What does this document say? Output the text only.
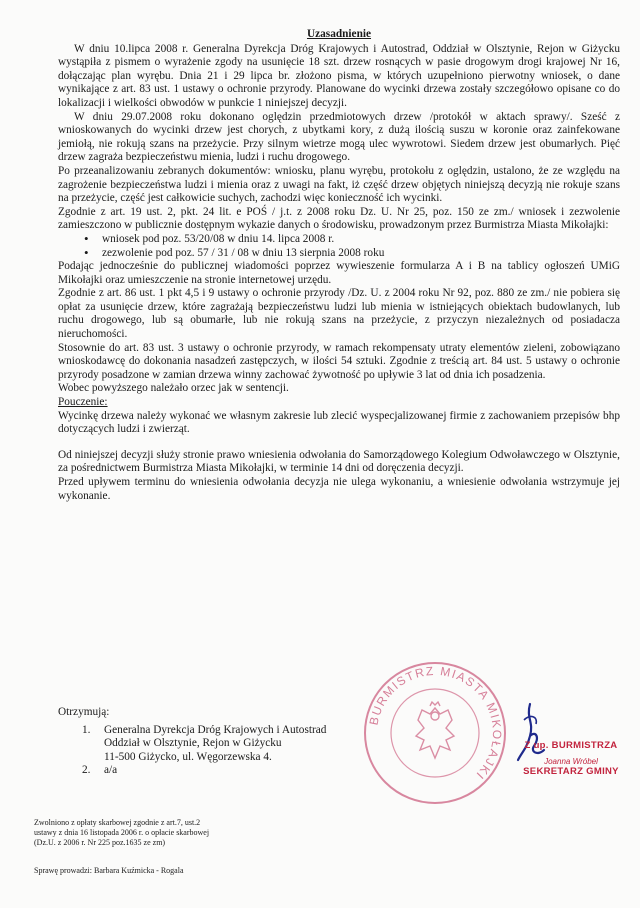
Uzasadnienie

W dniu 10.lipca 2008 r. Generalna Dyrekcja Dróg Krajowych i Autostrad, Oddział w Olsztynie, Rejon w Giżycku wystąpiła z pismem o wyrażenie zgody na usunięcie 18 szt. drzew rosnących w pasie drogowym drogi krajowej Nr 16, dołączając plan wyrębu. Dnia 21 i 29 lipca br. złożono pisma, w których uzupełniono pierwotny wniosek, o dane wynikające z art. 83 ust. 1 ustawy o ochronie przyrody. Planowane do wycinki drzewa zostały szczegółowo opisane co do lokalizacji i wielkości obwodów w punkcie 1 niniejszej decyzji.

W dniu 29.07.2008 roku dokonano oględzin przedmiotowych drzew /protokół w aktach sprawy/. Sześć z wnioskowanych do wycinki drzew jest chorych, z ubytkami kory, z dużą ilością suszu w koronie oraz zainfekowane jemiołą, nie rokują szans na przeżycie. Przy silnym wietrze mogą ulec wywrotowi. Siedem drzew jest obumarłych. Pięć drzew zagraża bezpieczeństwu mienia, ludzi i ruchu drogowego.

Po przeanalizowaniu zebranych dokumentów: wniosku, planu wyrębu, protokołu z oględzin, ustalono, że ze względu na zagrożenie bezpieczeństwa ludzi i mienia oraz z uwagi na fakt, iż część drzew objętych niniejszą decyzją nie rokuje szans na przeżycie, część jest całkowicie suchych, zachodzi więc konieczność ich wycinki.

Zgodnie z art. 19 ust. 2, pkt. 24 lit. e POŚ / j.t. z 2008 roku Dz. U. Nr 25, poz. 150 ze zm./ wniosek i zezwolenie zamieszczono w publicznie dostępnym wykazie danych o środowisku, prowadzonym przez Burmistrza Miasta Mikołajki:

• wniosek pod poz. 53/20/08 w dniu 14. lipca 2008 r.
• zezwolenie pod poz. 57 / 31 / 08 w dniu 13 sierpnia 2008 roku

Podając jednocześnie do publicznej wiadomości poprzez wywieszenie formularza A i B na tablicy ogłoszeń UMiG Mikołajki oraz umieszczenie na stronie internetowej urzędu.

Zgodnie z art. 86 ust. 1 pkt 4,5 i 9 ustawy o ochronie przyrody /Dz. U. z 2004 roku Nr 92, poz. 880 ze zm./ nie pobiera się opłat za usunięcie drzew, które zagrażają bezpieczeństwu ludzi lub mienia w istniejących obiektach budowlanych, lub ruchu drogowego, lub są obumarłe, lub nie rokują szans na przeżycie, z przyczyn niezależnych od posiadacza nieruchomości.

Stosownie do art. 83 ust. 3 ustawy o ochronie przyrody, w ramach rekompensaty utraty elementów zieleni, zobowiązano wnioskodawcę do dokonania nasadzeń zastępczych, w ilości 54 sztuki. Zgodnie z treścią art. 84 ust. 5 ustawy o ochronie przyrody posadzone w zamian drzewa winny zachować żywotność po upływie 3 lat od dnia ich posadzenia.

Wobec powyższego należało orzec jak w sentencji.

Pouczenie:

Wycinkę drzewa należy wykonać we własnym zakresie lub zlecić wyspecjalizowanej firmie z zachowaniem przepisów bhp dotyczących ludzi i zwierząt.

Od niniejszej decyzji służy stronie prawo wniesienia odwołania do Samorządowego Kolegium Odwoławczego w Olsztynie, za pośrednictwem Burmistrza Miasta Mikołajki, w terminie 14 dni od doręczenia decyzji.

Przed upływem terminu do wniesienia odwołania decyzja nie ulega wykonaniu, a wniesienie odwołania wstrzymuje jej wykonanie.

Otrzymują:
1. Generalna Dyrekcja Dróg Krajowych i Autostrad
Oddział w Olsztynie, Rejon w Giżycku
11-500 Giżycko, ul. Węgorzewska 4.
2. a/a
BURMISTRZ MIASTA MIKOŁAJKI
Z up. BURMISTRZA
Joanna Wróbel
SEKRETARZ GMINY
Zwolniono z opłaty skarbowej zgodnie z art.7, ust.2
ustawy z dnia 16 listopada 2006 r. o opłacie skarbowej
(Dz.U. z 2006 r. Nr 225 poz.1635 ze zm)
Sprawę prowadzi: Barbara Kuźmicka - Rogala
